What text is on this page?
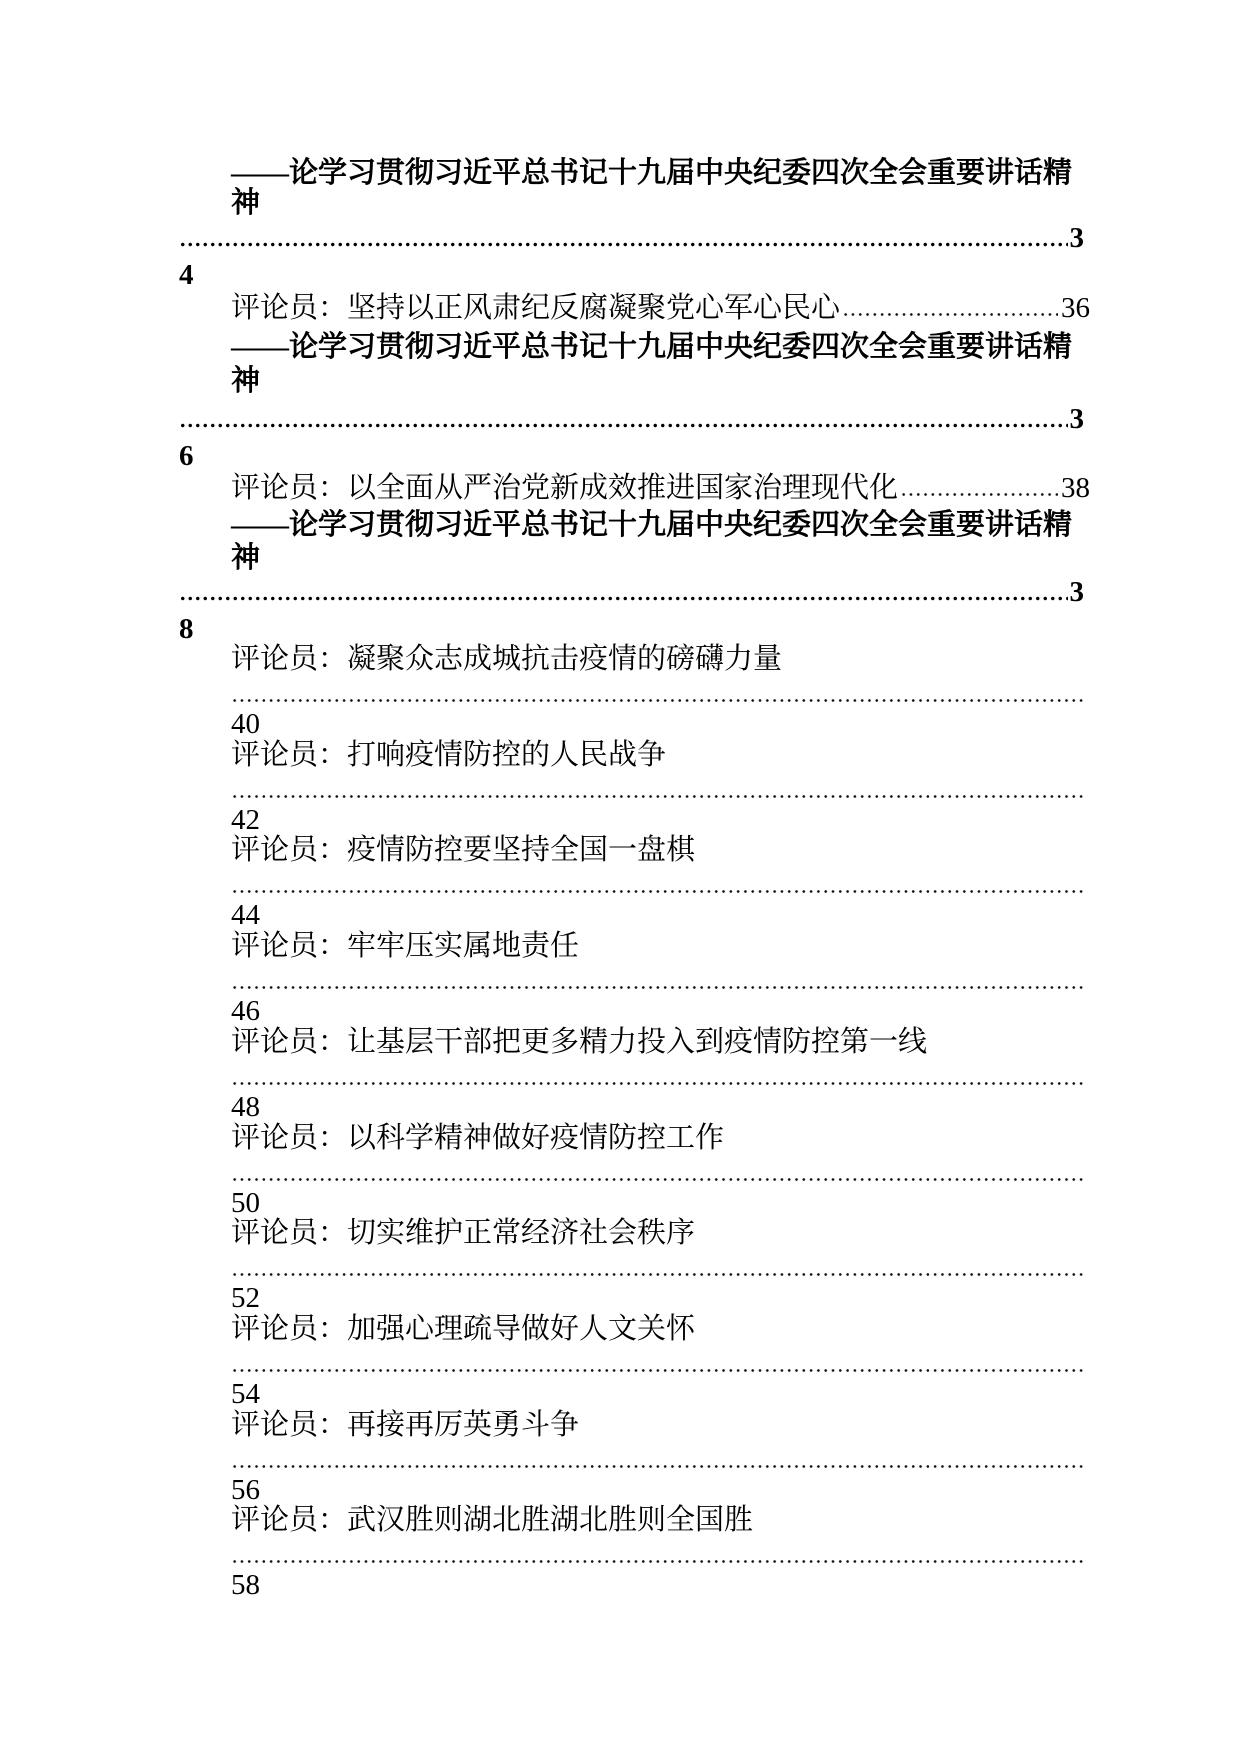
——论学习贯彻习近平总书记十九届中央纪委四次全会重要讲话精
神
3
4
评论员：坚持以正风肃纪反腐凝聚党心军心民心	36
——论学习贯彻习近平总书记十九届中央纪委四次全会重要讲话精
神
3
6
评论员：以全面从严治党新成效推进国家治理现代化	38
——论学习贯彻习近平总书记十九届中央纪委四次全会重要讲话精
神
3
8
评论员：凝聚众志成城抗击疫情的磅礴力量
40
评论员：打响疫情防控的人民战争
42
评论员：疫情防控要坚持全国一盘棋
44
评论员：牢牢压实属地责任
46
评论员：让基层干部把更多精力投入到疫情防控第一线
48
评论员：以科学精神做好疫情防控工作
50
评论员：切实维护正常经济社会秩序
52
评论员：加强心理疏导做好人文关怀
54
评论员：再接再厉英勇斗争
56
评论员：武汉胜则湖北胜湖北胜则全国胜
58
